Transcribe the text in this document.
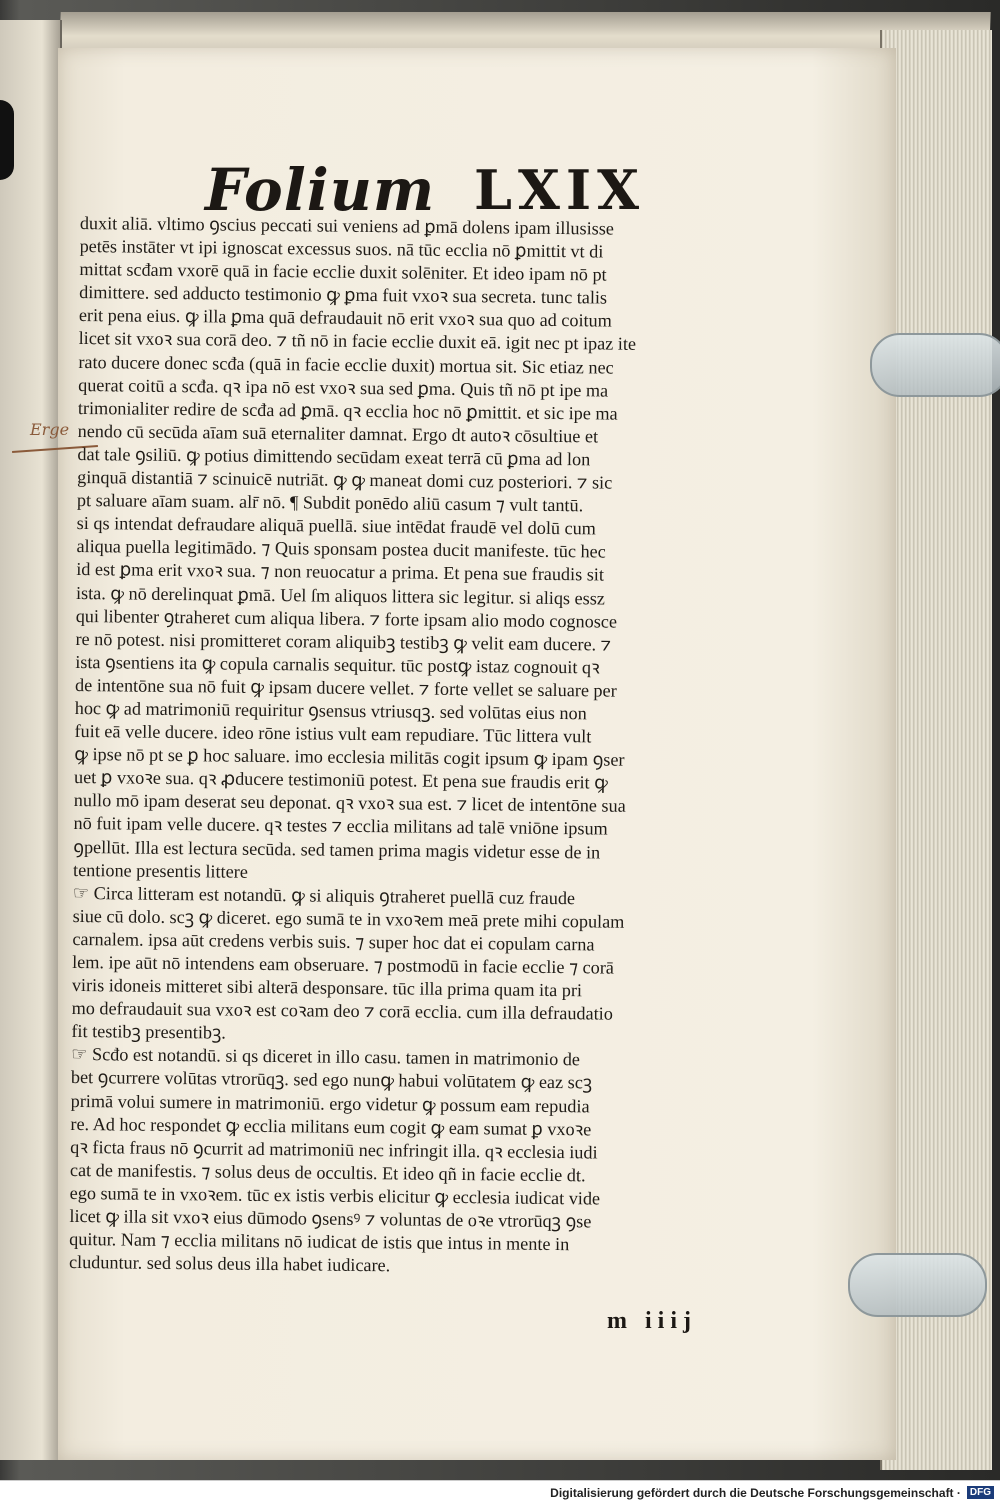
Erge
Folium LXIX
duxit aliā. vltimo ꝯscius peccati sui veniens ad ꝑmā dolens ipam illusisse
petēs instāter vt ipi ignoscat excessus suos. nā tūc ecclia nō ꝑmittit vt di
mittat scđam vxorē quā in facie ecclie duxit solēniter. Et ideo ipam nō pt
dimittere. sed adducto testimonio ꝙ ꝑma fuit vxoꝛ sua secreta. tunc talis
erit pena eius. ꝙ illa ꝑma quā defraudauit nō erit vxoꝛ sua quo ad coitum
licet sit vxoꝛ sua corā deo. ⁊ tñ nō in facie ecclie duxit eā. igit nec pt ipaz ite
rato ducere donec scđa (quā in facie ecclie duxit) mortua sit. Sic etiaz nec
querat coitū a scđa. qꝛ ipa nō est vxoꝛ sua sed ꝑma. Quis tñ nō pt ipe ma
trimonialiter redire de scđa ad ꝑmā. qꝛ ecclia hoc nō ꝑmittit. et sic ipe ma
nendo cū secūda aīam suā eternaliter damnat. Ergo dt autoꝛ cōsultiue et
dat tale ꝯsiliū. ꝙ potius dimittendo secūdam exeat terrā cū ꝑma ad lon
ginquā distantiā ⁊ scinuicē nutriāt. ꝙ ꝙ maneat domi cuz posteriori. ⁊ sic
pt saluare aīam suam. alr̄ nō. ¶ Subdit ponēdo aliū casum ⁊ vult tantū.
si qs intendat defraudare aliquā puellā. siue intēdat fraudē vel dolū cum
aliqua puella legitimādo. ⁊ Quis sponsam postea ducit manifeste. tūc hec
id est ꝑma erit vxoꝛ sua. ⁊ non reuocatur a prima. Et pena sue fraudis sit
ista. ꝙ nō derelinquat ꝑmā. Uel ſm aliquos littera sic legitur. si aliqs essz
qui libenter ꝯtraheret cum aliqua libera. ⁊ forte ipsam alio modo cognosce
re nō potest. nisi promitteret coram aliquibꝫ testibꝫ ꝙ velit eam ducere. ⁊
ista ꝯsentiens ita ꝙ copula carnalis sequitur. tūc postꝙ istaz cognouit qꝛ
de intentōne sua nō fuit ꝙ ipsam ducere vellet. ⁊ forte vellet se saluare per
hoc ꝙ ad matrimoniū requiritur ꝯsensus vtriusqꝫ. sed volūtas eius non
fuit eā velle ducere. ideo rōne istius vult eam repudiare. Tūc littera vult
ꝙ ipse nō pt se ꝑ hoc saluare. imo ecclesia militās cogit ipsum ꝙ ipam ꝯser
uet ꝑ vxoꝛe sua. qꝛ ꝓducere testimoniū potest. Et pena sue fraudis erit ꝙ
nullo mō ipam deserat seu deponat. qꝛ vxoꝛ sua est. ⁊ licet de intentōne sua
nō fuit ipam velle ducere. qꝛ testes ⁊ ecclia militans ad talē vniōne ipsum
ꝯpellūt. Illa est lectura secūda. sed tamen prima magis videtur esse de in
tentione presentis littere
☞ Circa litteram est notandū. ꝙ si aliquis ꝯtraheret puellā cuz fraude
siue cū dolo. scꝫ ꝙ diceret. ego sumā te in vxoꝛem meā prete mihi copulam
carnalem. ipsa aūt credens verbis suis. ⁊ super hoc dat ei copulam carna
lem. ipe aūt nō intendens eam obseruare. ⁊ postmodū in facie ecclie ⁊ corā
viris idoneis mitteret sibi alterā desponsare. tūc illa prima quam ita pri
mo defraudauit sua vxoꝛ est coꝛam deo ⁊ corā ecclia. cum illa defraudatio
fit testibꝫ presentibꝫ.
☞ Scđo est notandū. si qs diceret in illo casu. tamen in matrimonio de
bet ꝯcurrere volūtas vtrorūqꝫ. sed ego nunꝙ habui volūtatem ꝙ eaz scꝫ
primā volui sumere in matrimoniū. ergo videtur ꝙ possum eam repudia
re. Ad hoc respondet ꝙ ecclia militans eum cogit ꝙ eam sumat ꝑ vxoꝛe
qꝛ ficta fraus nō ꝯcurrit ad matrimoniū nec infringit illa. qꝛ ecclesia iudi
cat de manifestis. ⁊ solus deus de occultis. Et ideo qñ in facie ecclie dt.
ego sumā te in vxoꝛem. tūc ex istis verbis elicitur ꝙ ecclesia iudicat vide
licet ꝙ illa sit vxoꝛ eius dūmodo ꝯsensꝰ ⁊ voluntas de oꝛe vtrorūqꝫ ꝯse
quitur. Nam ⁊ ecclia militans nō iudicat de istis que intus in mente in
cluduntur. sed solus deus illa habet iudicare.
m iiij
Digitalisierung gefördert durch die Deutsche Forschungsgemeinschaft · DFG
